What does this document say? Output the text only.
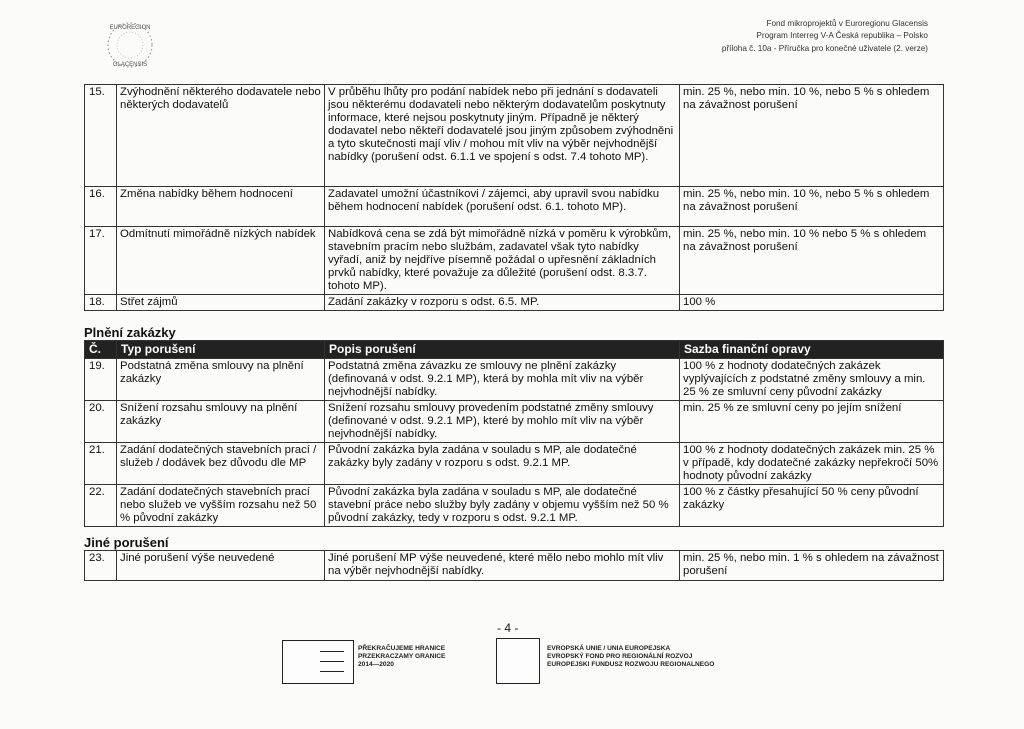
EUROREGION
GLACENSIS
Fond mikroprojektů v Euroregionu Glacensis
Program Interreg V-A Česká republika – Polsko
příloha č. 10a - Příručka pro konečné uživatele (2. verze)
15.	Zvýhodnění některého dodavatele nebo některých dodavatelů	V průběhu lhůty pro podání nabídek nebo při jednání s dodavateli jsou některému dodavateli nebo některým dodavatelům poskytnuty informace, které nejsou poskytnuty jiným. Případně je některý dodavatel nebo někteří dodavatelé jsou jiným způsobem zvýhodněni a tyto skutečnosti mají vliv / mohou mít vliv na výběr nejvhodnější nabídky (porušení odst. 6.1.1 ve spojení s odst. 7.4 tohoto MP).	min. 25 %, nebo min. 10 %, nebo 5 % s ohledem na závažnost porušení
16.	Změna nabídky během hodnocení	Zadavatel umožní účastníkovi / zájemci, aby upravil svou nabídku během hodnocení nabídek (porušení odst. 6.1. tohoto MP).	min. 25 %, nebo min. 10 %, nebo 5 % s ohledem na závažnost porušení
17.	Odmítnutí mimořádně nízkých nabídek	Nabídková cena se zdá být mimořádně nízká v poměru k výrobkům, stavebním pracím nebo službám, zadavatel však tyto nabídky vyřadí, aniž by nejdříve písemně požádal o upřesnění základních prvků nabídky, které považuje za důležité (porušení odst. 8.3.7. tohoto MP).	min. 25 %, nebo min. 10 % nebo 5 % s ohledem na závažnost porušení
18.	Střet zájmů	Zadání zakázky v rozporu s odst. 6.5. MP.	100 %
Plnění zakázky
Č.	Typ porušení	Popis porušení	Sazba finanční opravy
19.	Podstatná změna smlouvy na plnění zakázky	Podstatná změna závazku ze smlouvy ne plnění zakázky (definovaná v odst. 9.2.1 MP), která by mohla mít vliv na výběr nejvhodnější nabídky.	100 % z hodnoty dodatečných zakázek vyplývajících z podstatné změny smlouvy a min. 25 % ze smluvní ceny původní zakázky
20.	Snížení rozsahu smlouvy na plnění zakázky	Snížení rozsahu smlouvy provedením podstatné změny smlouvy (definované v odst. 9.2.1 MP), které by mohlo mít vliv na výběr nejvhodnější nabídky.	min. 25 % ze smluvní ceny po jejím snížení
21.	Zadání dodatečných stavebních prací / služeb / dodávek bez důvodu dle MP	Původní zakázka byla zadána v souladu s MP, ale dodatečné zakázky byly zadány v rozporu s odst. 9.2.1 MP.	100 % z hodnoty dodatečných zakázek min. 25 % v případě, kdy dodatečné zakázky nepřekročí 50% hodnoty původní zakázky
22.	Zadání dodatečných stavebních prací nebo služeb ve vyšším rozsahu než 50 % původní zakázky	Původní zakázka byla zadána v souladu s MP, ale dodatečné stavební práce nebo služby byly zadány v objemu vyšším než 50 % původní zakázky, tedy v rozporu s odst. 9.2.1 MP.	100 % z částky přesahující 50 % ceny původní zakázky
Jiné porušení
23.	Jiné porušení výše neuvedené	Jiné porušení MP výše neuvedené, které mělo nebo mohlo mít vliv na výběr nejvhodnější nabídky.	min. 25 %, nebo min. 1 % s ohledem na závažnost porušení
- 4 -
PŘEKRAČUJEME HRANICE
PRZEKRACZAMY GRANICE
2014—2020
EVROPSKÁ UNIE / UNIA EUROPEJSKA
EVROPSKÝ FOND PRO REGIONÁLNÍ ROZVOJ
EUROPEJSKI FUNDUSZ ROZWOJU REGIONALNEGO
